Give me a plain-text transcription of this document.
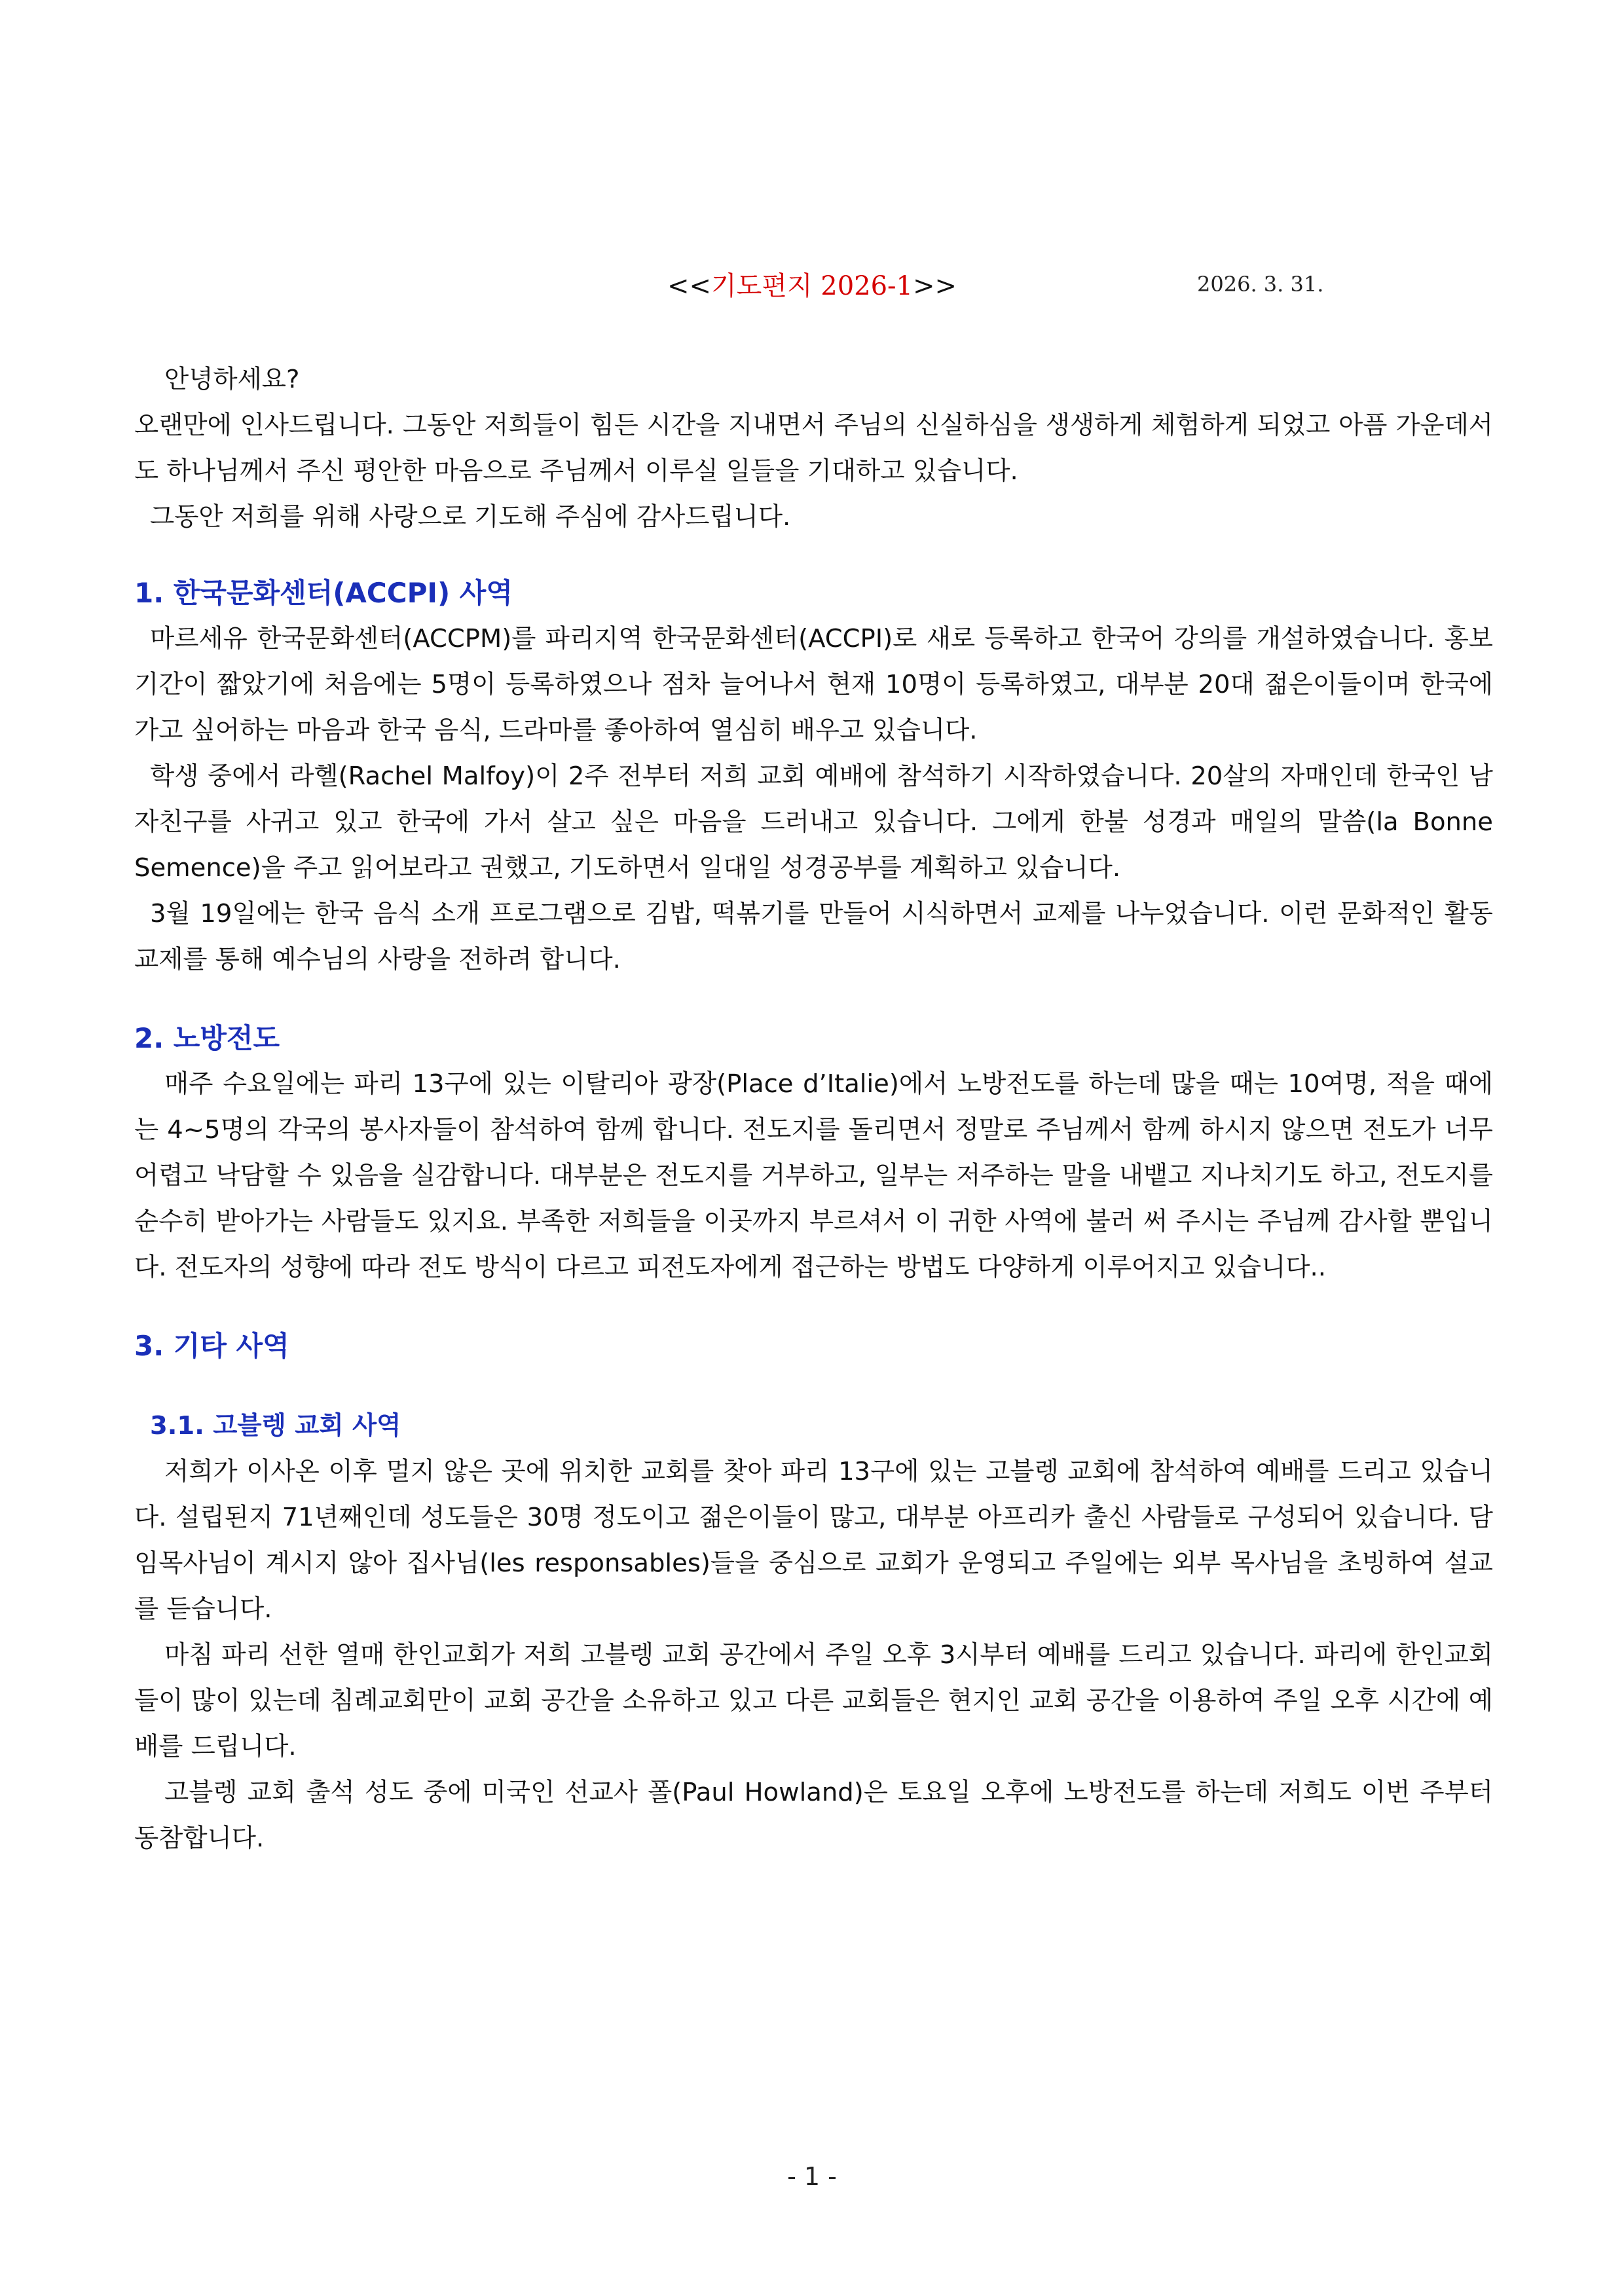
<<기도편지 2026-1>>	2026. 3. 31.

안녕하세요?

오랜만에 인사드립니다. 그동안 저희들이 힘든 시간을 지내면서 주님의 신실하심을 생생하게 체험하게 되었고 아픔 가운데서도 하나님께서 주신 평안한 마음으로 주님께서 이루실 일들을 기대하고 있습니다.

그동안 저희를 위해 사랑으로 기도해 주심에 감사드립니다.

1. 한국문화센터(ACCPI) 사역

마르세유 한국문화센터(ACCPM)를 파리지역 한국문화센터(ACCPI)로 새로 등록하고 한국어 강의를 개설하였습니다. 홍보 기간이 짧았기에 처음에는 5명이 등록하였으나 점차 늘어나서 현재 10명이 등록하였고, 대부분 20대 젊은이들이며 한국에 가고 싶어하는 마음과 한국 음식, 드라마를 좋아하여 열심히 배우고 있습니다.

학생 중에서 라헬(Rachel Malfoy)이 2주 전부터 저희 교회 예배에 참석하기 시작하였습니다. 20살의 자매인데 한국인 남자친구를 사귀고 있고 한국에 가서 살고 싶은 마음을 드러내고 있습니다. 그에게 한불 성경과 매일의 말씀(la Bonne Semence)을 주고 읽어보라고 권했고, 기도하면서 일대일 성경공부를 계획하고 있습니다.

3월 19일에는 한국 음식 소개 프로그램으로 김밥, 떡볶기를 만들어 시식하면서 교제를 나누었습니다. 이런 문화적인 활동 교제를 통해 예수님의 사랑을 전하려 합니다.

2. 노방전도

매주 수요일에는 파리 13구에 있는 이탈리아 광장(Place d’Italie)에서 노방전도를 하는데 많을 때는 10여명, 적을 때에는 4~5명의 각국의 봉사자들이 참석하여 함께 합니다. 전도지를 돌리면서 정말로 주님께서 함께 하시지 않으면 전도가 너무 어렵고 낙담할 수 있음을 실감합니다. 대부분은 전도지를 거부하고, 일부는 저주하는 말을 내뱉고 지나치기도 하고, 전도지를 순수히 받아가는 사람들도 있지요. 부족한 저희들을 이곳까지 부르셔서 이 귀한 사역에 불러 써 주시는 주님께 감사할 뿐입니다. 전도자의 성향에 따라 전도 방식이 다르고 피전도자에게 접근하는 방법도 다양하게 이루어지고 있습니다..

3. 기타 사역
3.1. 고블렝 교회 사역

저희가 이사온 이후 멀지 않은 곳에 위치한 교회를 찾아 파리 13구에 있는 고블렝 교회에 참석하여 예배를 드리고 있습니다. 설립된지 71년째인데 성도들은 30명 정도이고 젊은이들이 많고, 대부분 아프리카 출신 사람들로 구성되어 있습니다. 담임목사님이 계시지 않아 집사님(les responsables)들을 중심으로 교회가 운영되고 주일에는 외부 목사님을 초빙하여 설교를 듣습니다.

마침 파리 선한 열매 한인교회가 저희 고블렝 교회 공간에서 주일 오후 3시부터 예배를 드리고 있습니다. 파리에 한인교회들이 많이 있는데 침례교회만이 교회 공간을 소유하고 있고 다른 교회들은 현지인 교회 공간을 이용하여 주일 오후 시간에 예배를 드립니다.

고블렝 교회 출석 성도 중에 미국인 선교사 폴(Paul Howland)은 토요일 오후에 노방전도를 하는데 저희도 이번 주부터 동참합니다.

- 1 -
